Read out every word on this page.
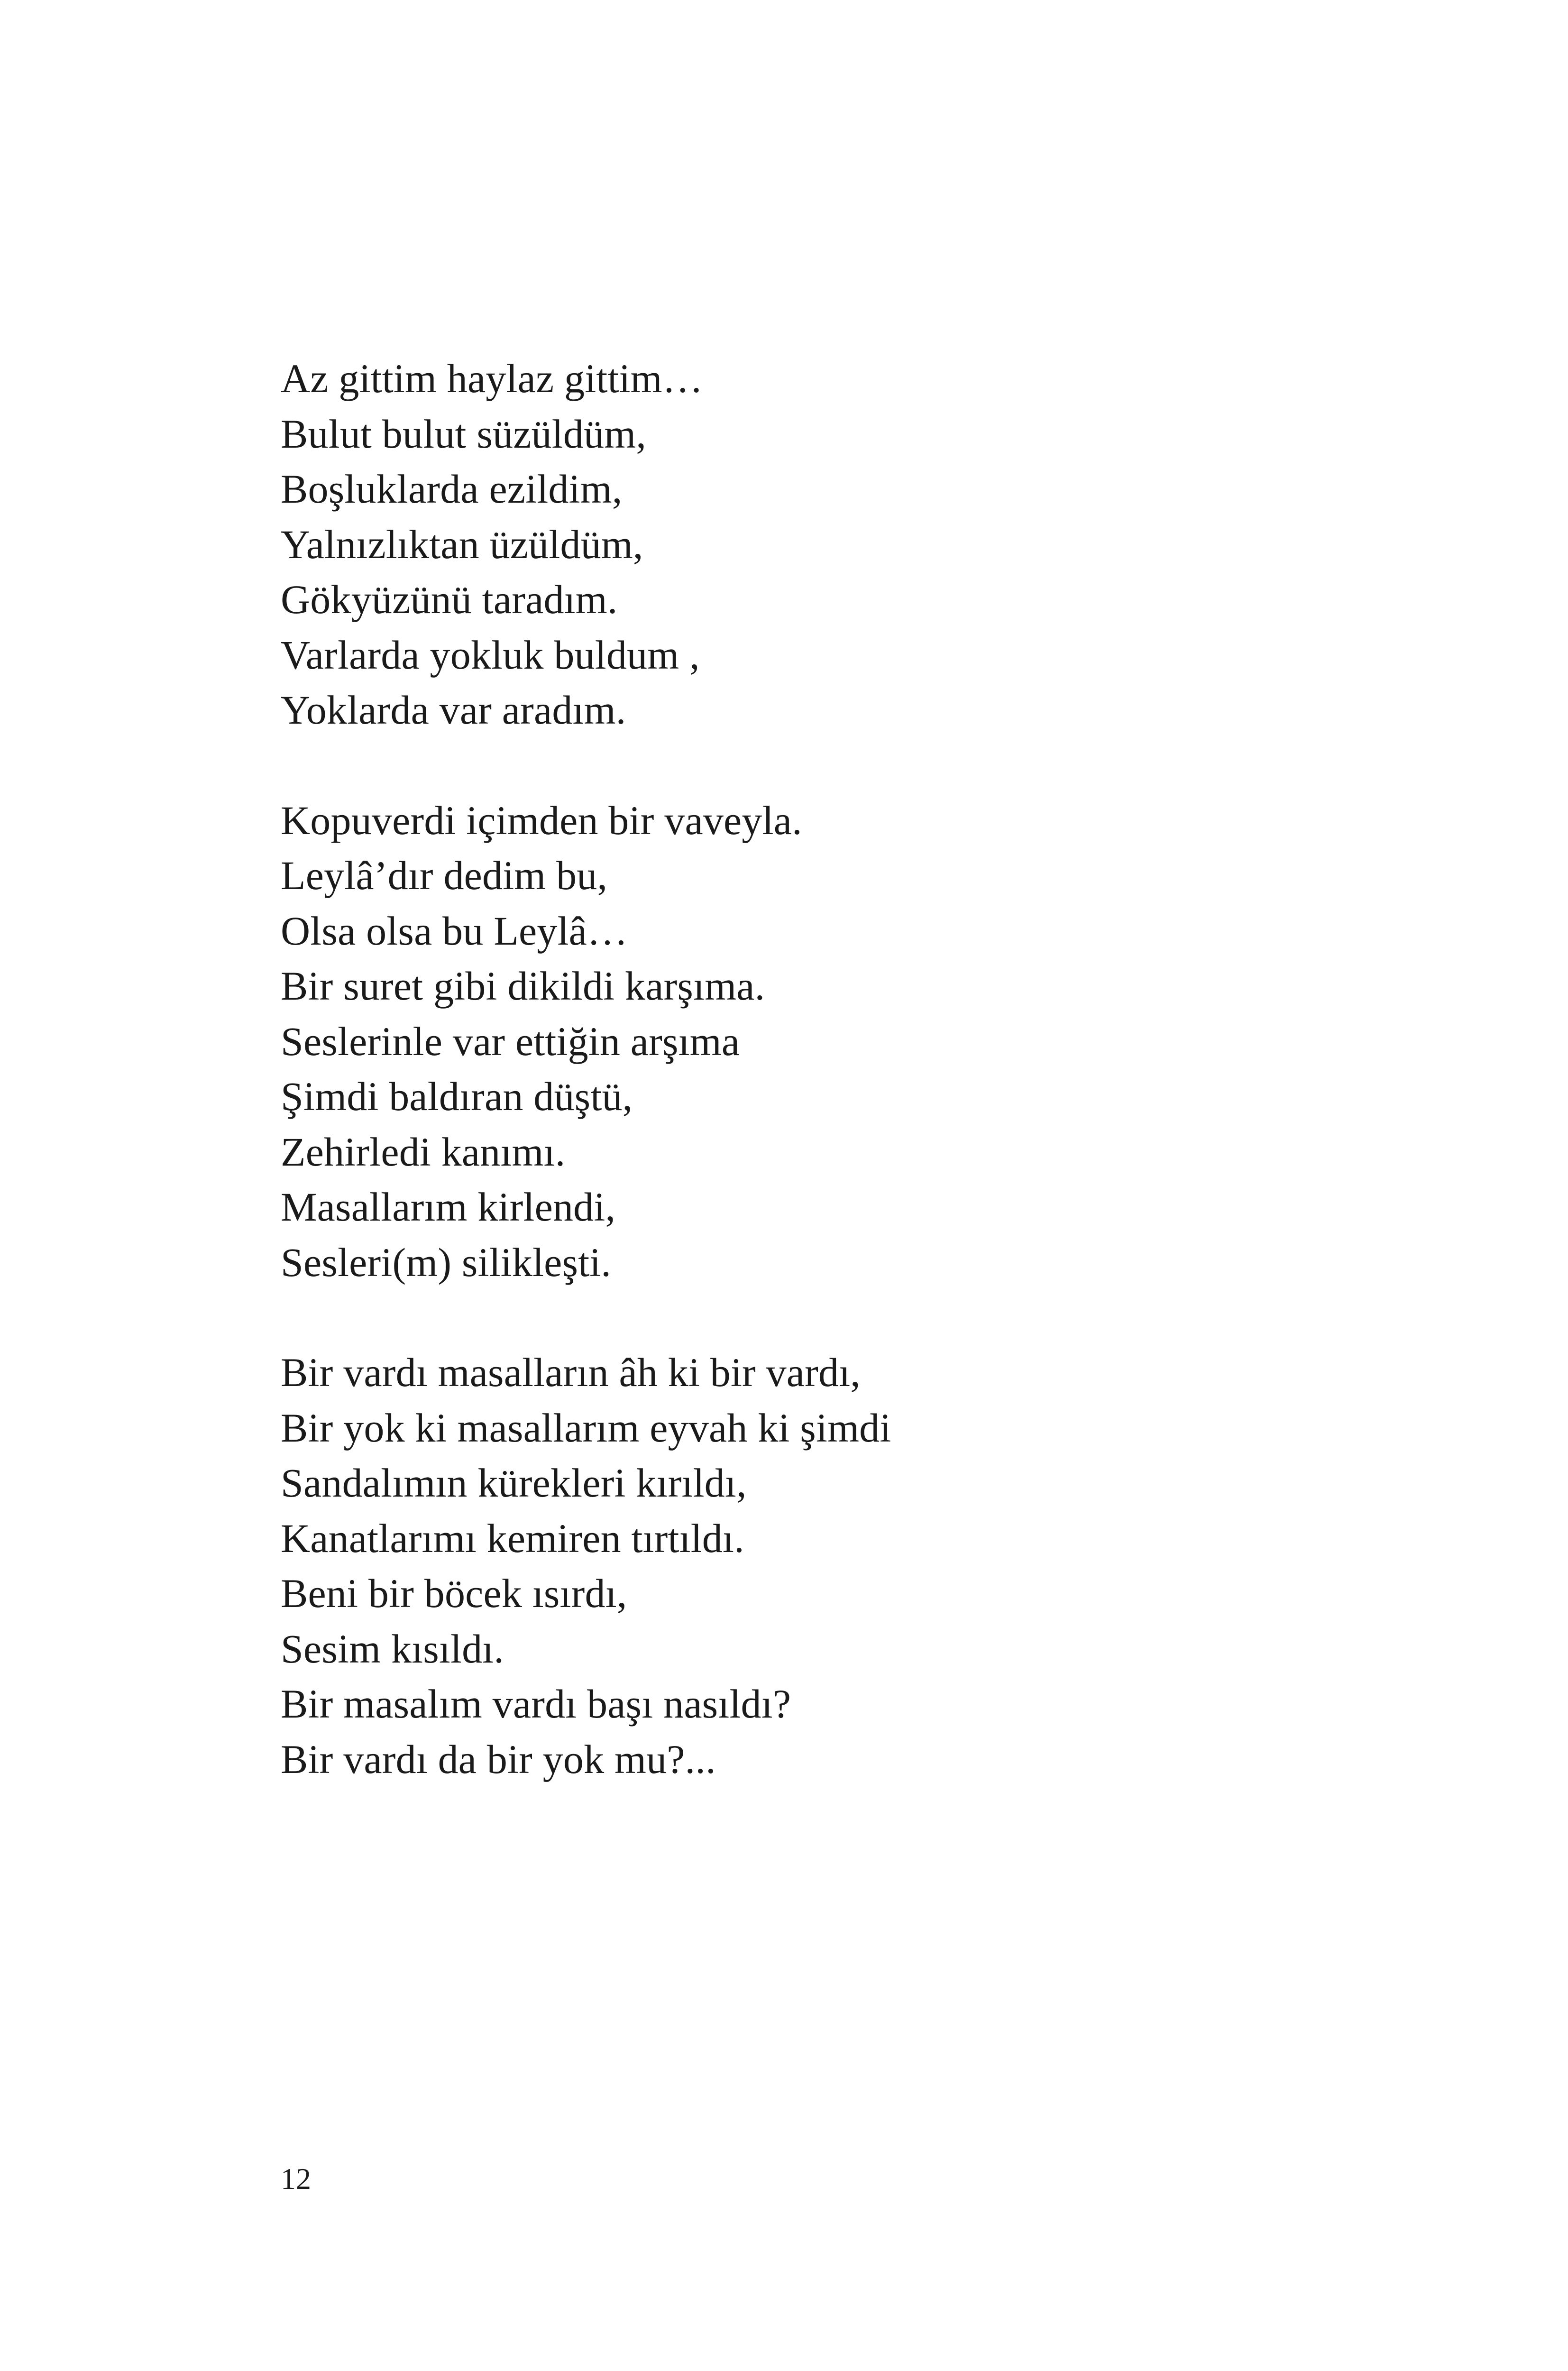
Az gittim haylaz gittim…
Bulut bulut süzüldüm,
Boşluklarda ezildim,
Yalnızlıktan üzüldüm,
Gökyüzünü taradım.
Varlarda yokluk buldum ,
Yoklarda var aradım.
Kopuverdi içimden bir vaveyla.
Leylâ’dır dedim bu,
Olsa olsa bu Leylâ…
Bir suret gibi dikildi karşıma.
Seslerinle var ettiğin arşıma
Şimdi baldıran düştü,
Zehirledi kanımı.
Masallarım kirlendi,
Sesleri(m) silikleşti.
Bir vardı masalların âh ki bir vardı,
Bir yok ki masallarım eyvah ki şimdi
Sandalımın kürekleri kırıldı,
Kanatlarımı kemiren tırtıldı.
Beni bir böcek ısırdı,
Sesim kısıldı.
Bir masalım vardı başı nasıldı?
Bir vardı da bir yok mu?...
12
